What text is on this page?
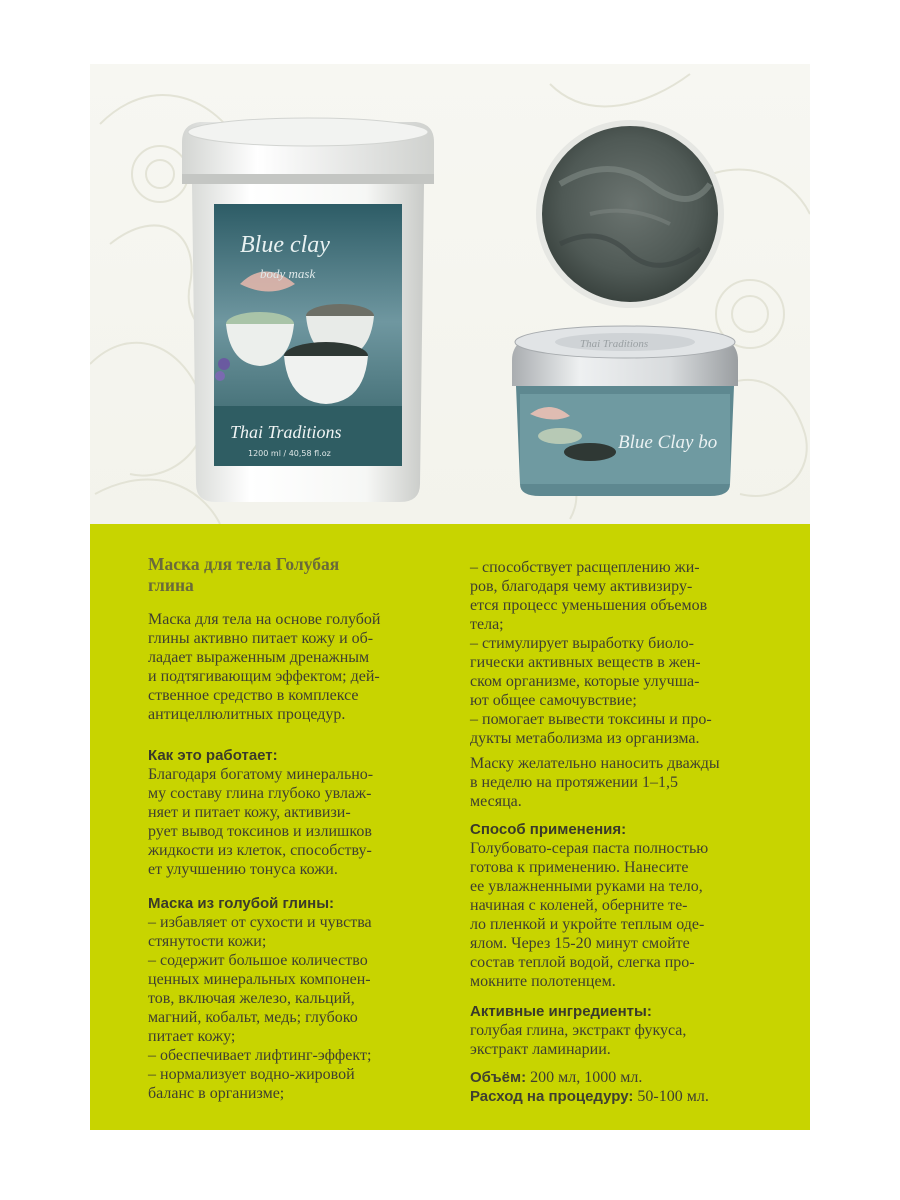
Blue clay
body mask
Thai Traditions
1200 ml / 40,58 fl.oz
Thai Traditions
Blue Clay bo
Маска для тела Голубая
глина
Маска для тела на основе голубой
глины активно питает кожу и об-
ладает выраженным дренажным
и подтягивающим эффектом; дей-
ственное средство в комплексе
антицеллюлитных процедур.
Как это работает:
Благодаря богатому минерально-
му составу глина глубоко увлаж-
няет и питает кожу, активизи-
рует вывод токсинов и излишков
жидкости из клеток, способству-
ет улучшению тонуса кожи.
Маска из голубой глины:
– избавляет от сухости и чувства
стянутости кожи;
– содержит большое количество
ценных минеральных компонен-
тов, включая железо, кальций,
магний, кобальт, медь; глубоко
питает кожу;
– обеспечивает лифтинг-эффект;
– нормализует водно-жировой
баланс в организме;
– способствует расщеплению жи-
ров, благодаря чему активизиру-
ется процесс уменьшения объемов
тела;
– стимулирует выработку биоло-
гически активных веществ в жен-
ском организме, которые улучша-
ют общее самочувствие;
– помогает вывести токсины и про-
дукты метаболизма из организма.
Маску желательно наносить дважды
в неделю на протяжении 1–1,5
месяца.
Способ применения:
Голубовато-серая паста полностью
готова к применению. Нанесите
ее увлажненными руками на тело,
начиная с коленей, оберните те-
ло пленкой и укройте теплым оде-
ялом. Через 15-20 минут смойте
состав теплой водой, слегка про-
мокните полотенцем.
Активные ингредиенты:
голубая глина, экстракт фукуса,
экстракт ламинарии.
Объём: 200 мл, 1000 мл.
Расход на процедуру: 50-100 мл.
